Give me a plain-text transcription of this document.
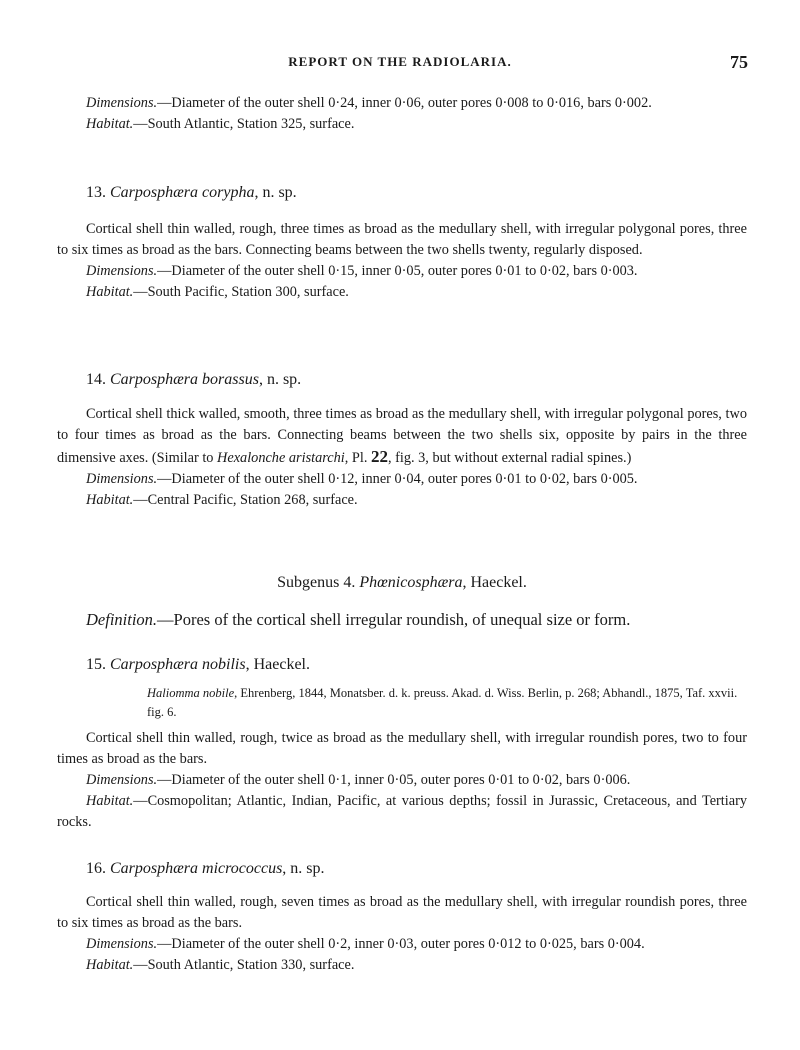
REPORT ON THE RADIOLARIA.	75

Dimensions.—Diameter of the outer shell 0·24, inner 0·06, outer pores 0·008 to 0·016, bars 0·002.

Habitat.—South Atlantic, Station 325, surface.

13. Carposphæra corypha, n. sp.

Cortical shell thin walled, rough, three times as broad as the medullary shell, with irregular polygonal pores, three to six times as broad as the bars. Connecting beams between the two shells twenty, regularly disposed.

Dimensions.—Diameter of the outer shell 0·15, inner 0·05, outer pores 0·01 to 0·02, bars 0·003.

Habitat.—South Pacific, Station 300, surface.

14. Carposphæra borassus, n. sp.

Cortical shell thick walled, smooth, three times as broad as the medullary shell, with irregular polygonal pores, two to four times as broad as the bars. Connecting beams between the two shells six, opposite by pairs in the three dimensive axes. (Similar to Hexalonche aristarchi, Pl. 22, fig. 3, but without external radial spines.)

Dimensions.—Diameter of the outer shell 0·12, inner 0·04, outer pores 0·01 to 0·02, bars 0·005.

Habitat.—Central Pacific, Station 268, surface.

Subgenus 4. Phœnicosphæra, Haeckel.
Definition.—Pores of the cortical shell irregular roundish, of unequal size or form.
15. Carposphæra nobilis, Haeckel.

Haliomma nobile, Ehrenberg, 1844, Monatsber. d. k. preuss. Akad. d. Wiss. Berlin, p. 268; Abhandl., 1875, Taf. xxvii. fig. 6.

Cortical shell thin walled, rough, twice as broad as the medullary shell, with irregular roundish pores, two to four times as broad as the bars.

Dimensions.—Diameter of the outer shell 0·1, inner 0·05, outer pores 0·01 to 0·02, bars 0·006.

Habitat.—Cosmopolitan; Atlantic, Indian, Pacific, at various depths; fossil in Jurassic, Cretaceous, and Tertiary rocks.

16. Carposphæra micrococcus, n. sp.

Cortical shell thin walled, rough, seven times as broad as the medullary shell, with irregular roundish pores, three to six times as broad as the bars.

Dimensions.—Diameter of the outer shell 0·2, inner 0·03, outer pores 0·012 to 0·025, bars 0·004.

Habitat.—South Atlantic, Station 330, surface.
